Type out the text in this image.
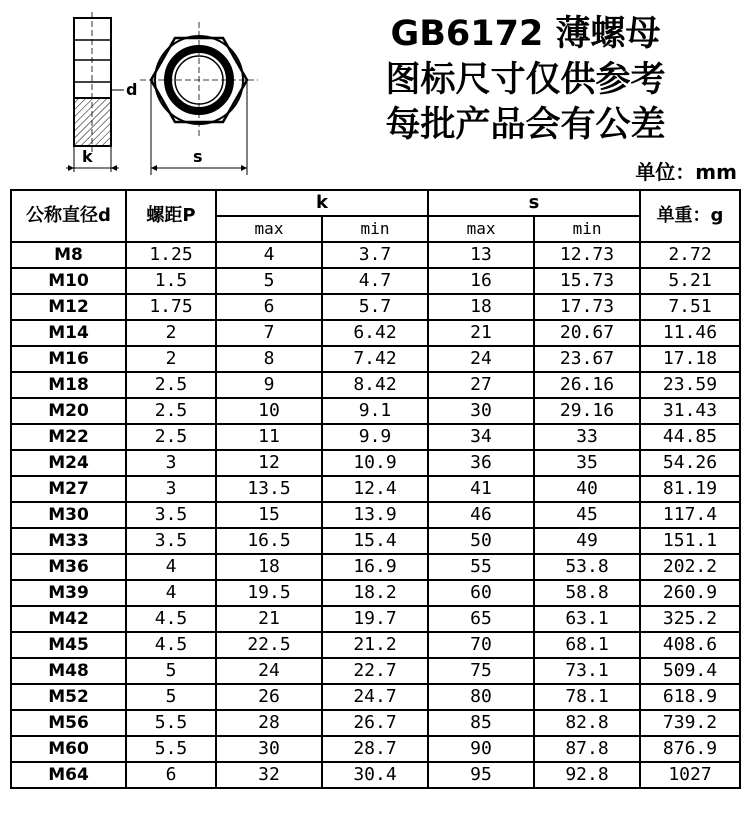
d
k	s
GB6172 薄螺母
图标尺寸仅供参考
每批产品会有公差
单位：mm
公称直径d	螺距P	k		s		单重：g
		max	min	max	min	
M8	1.25	4	3.7	13	12.73	2.72
M10	1.5	5	4.7	16	15.73	5.21
M12	1.75	6	5.7	18	17.73	7.51
M14	2	7	6.42	21	20.67	11.46
M16	2	8	7.42	24	23.67	17.18
M18	2.5	9	8.42	27	26.16	23.59
M20	2.5	10	9.1	30	29.16	31.43
M22	2.5	11	9.9	34	33	44.85
M24	3	12	10.9	36	35	54.26
M27	3	13.5	12.4	41	40	81.19
M30	3.5	15	13.9	46	45	117.4
M33	3.5	16.5	15.4	50	49	151.1
M36	4	18	16.9	55	53.8	202.2
M39	4	19.5	18.2	60	58.8	260.9
M42	4.5	21	19.7	65	63.1	325.2
M45	4.5	22.5	21.2	70	68.1	408.6
M48	5	24	22.7	75	73.1	509.4
M52	5	26	24.7	80	78.1	618.9
M56	5.5	28	26.7	85	82.8	739.2
M60	5.5	30	28.7	90	87.8	876.9
M64	6	32	30.4	95	92.8	1027
